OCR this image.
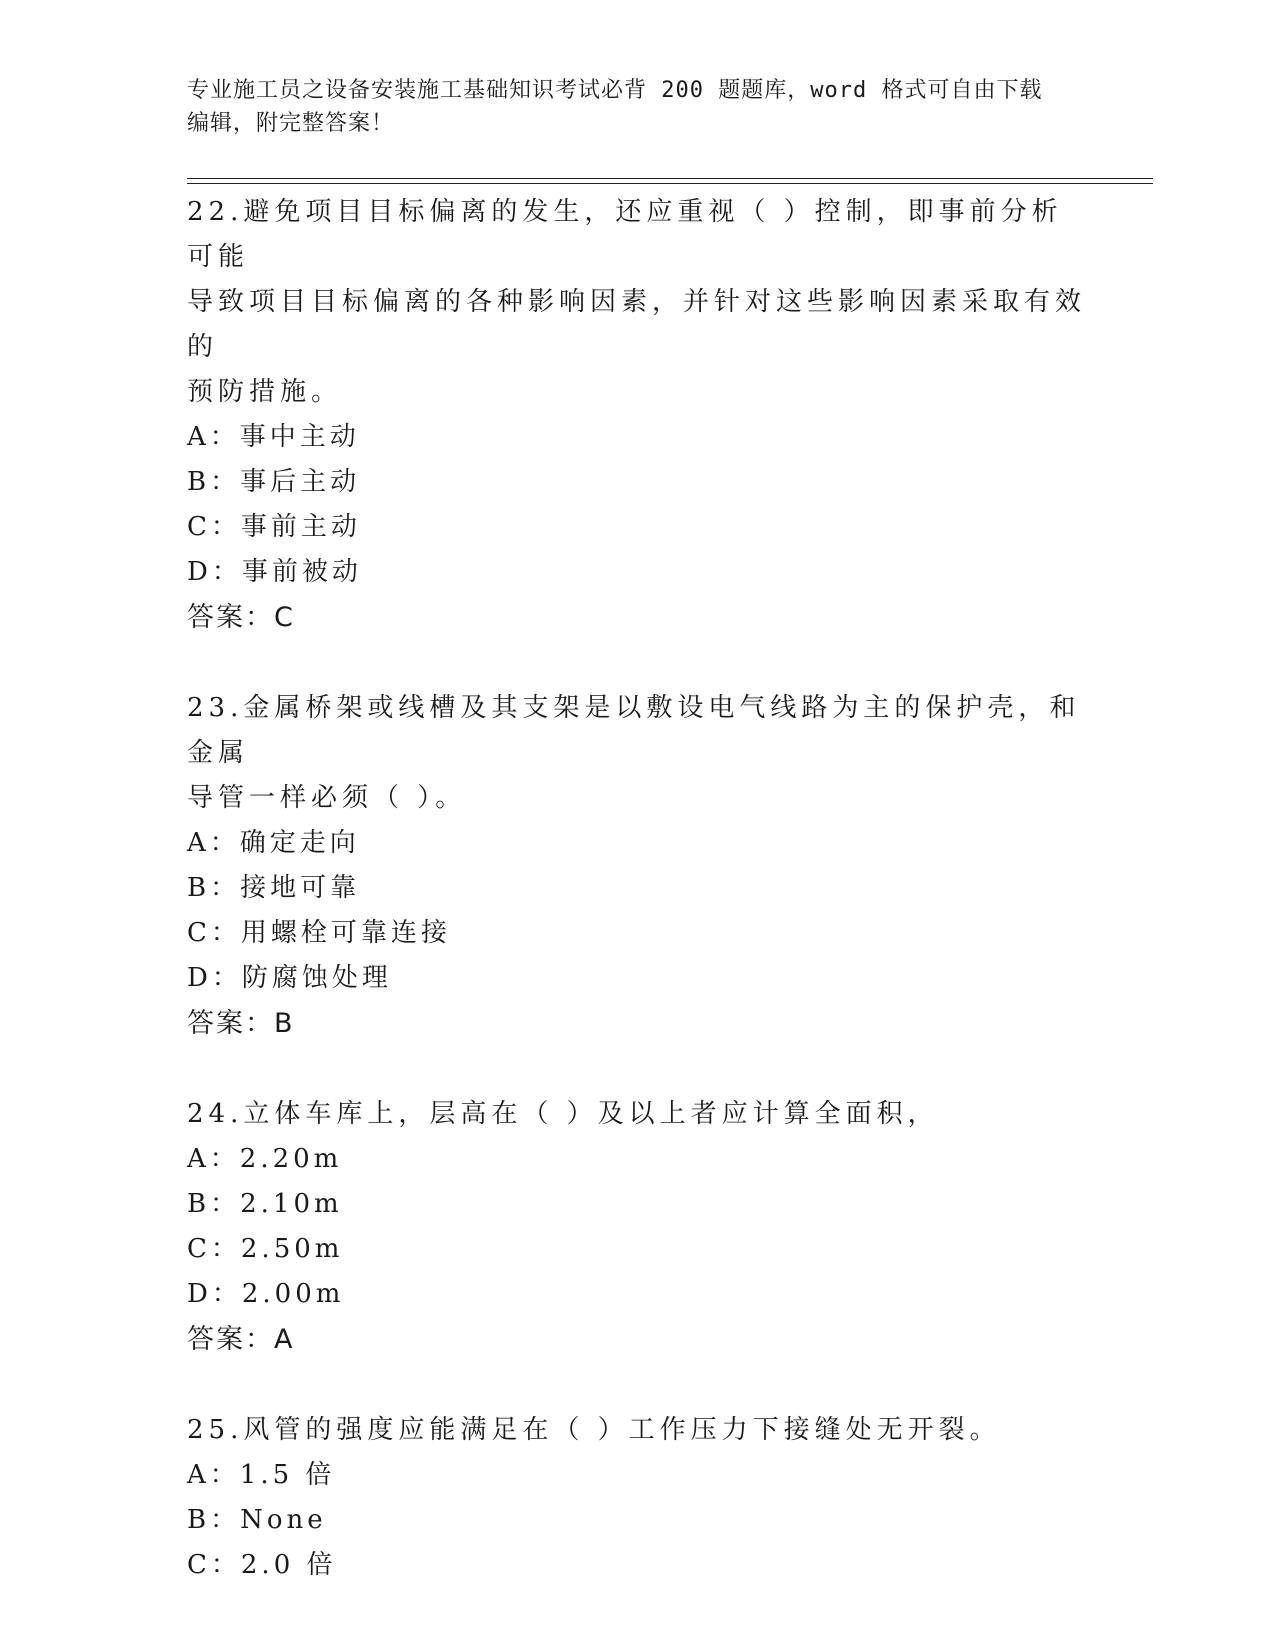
专业施工员之设备安装施工基础知识考试必背 200 题题库，word 格式可自由下载
编辑，附完整答案！
22.避免项目目标偏离的发生，还应重视（ ）控制，即事前分析可能
导致项目目标偏离的各种影响因素，并针对这些影响因素采取有效的
预防措施。
A：事中主动
B：事后主动
C：事前主动
D：事前被动
答案：C
23.金属桥架或线槽及其支架是以敷设电气线路为主的保护壳，和金属
导管一样必须（ ）。
A：确定走向
B：接地可靠
C：用螺栓可靠连接
D：防腐蚀处理
答案：B
24.立体车库上，层高在（ ）及以上者应计算全面积，
A：2.20m
B：2.10m
C：2.50m
D：2.00m
答案：A
25.风管的强度应能满足在（ ）工作压力下接缝处无开裂。
A：1.5 倍
B：None
C：2.0 倍
